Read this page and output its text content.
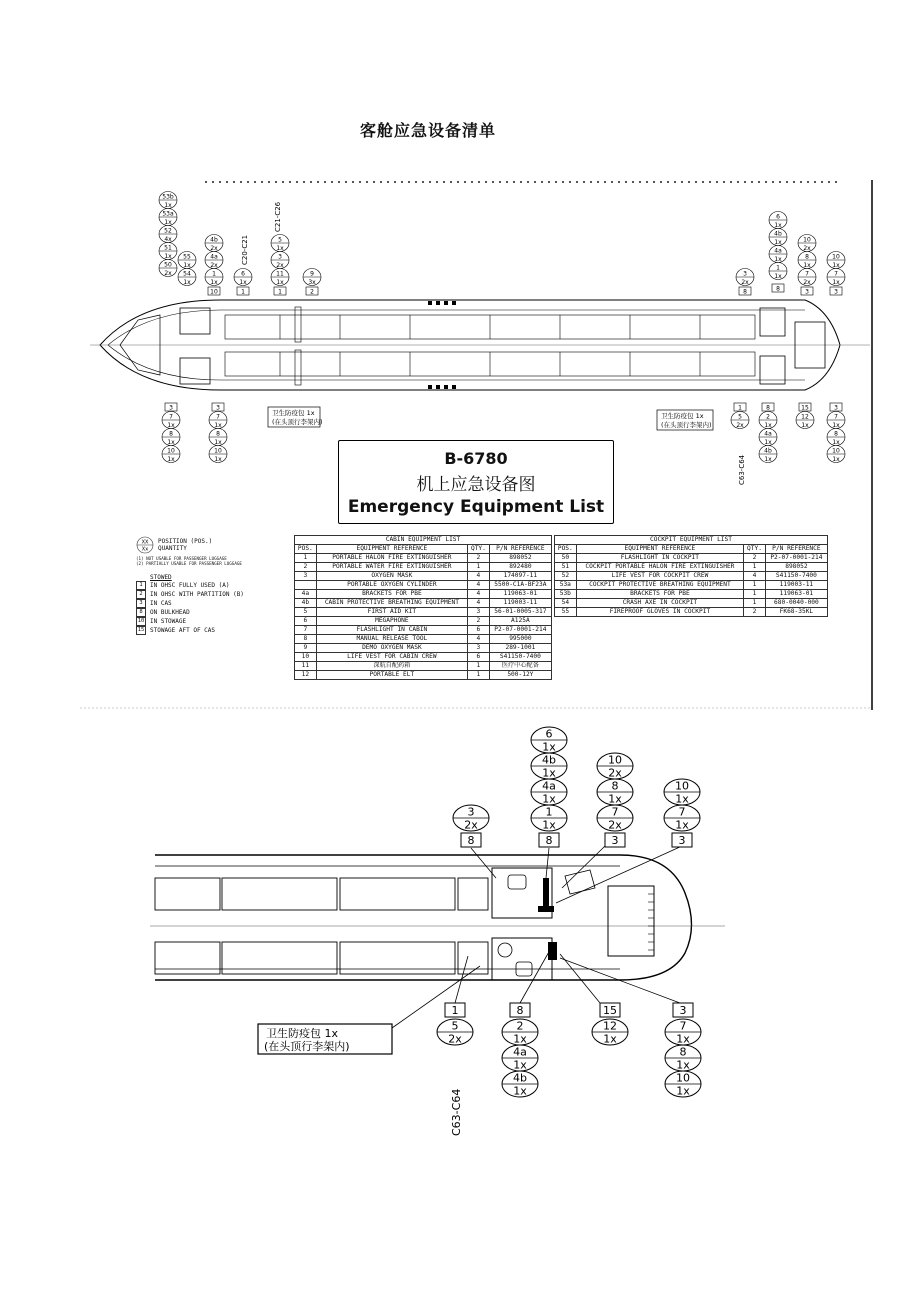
客舱应急设备清单
53b
1x
53a
1x
52
4x
51
1x
50
2x
55
1x
54
1x
4b
2x
4a
2x
1
1x
10
6
1x
1
5
1x
3
2x
11
1x
1
9
3x
2
3
7
1x
8
1x
10
1x
3
7
1x
8
1x
10
1x
6
1x
4b
1x
4a
1x
1
1x
8
3
2x
8
10
2x
8
1x
7
2x
3
10
1x
7
1x
3
1
5
2x
8
2
1x
4a
1x
4b
1x
15
12
1x
3
7
1x
8
1x
10
1x
C20-C21
C21-C26
C63-C64
卫生防疫包 1x
(在头顶行李架内)
卫生防疫包 1x
(在头顶行李架内)
B-6780
机上应急设备图
Emergency Equipment List
XX
Xx
POSITION (POS.)
QUANTITY
(1) NOT USABLE FOR PASSENGER LUGGAGE
(2) PARTIALLY USABLE FOR PASSENGER LUGGAGE
STOWED
1	IN OHSC FULLY USED (A)
2	IN OHSC WITH PARTITION (B)
3	IN CAS
8	ON BULKHEAD
10 IN STOWAGE
15 STOWAGE AFT OF CAS
CABIN EQUIPMENT LIST			
POS.	EQUIPMENT REFERENCE	QTY.	P/N REFERENCE
1	PORTABLE HALON FIRE EXTINGUISHER	2	898052
2	PORTABLE WATER FIRE EXTINGUISHER	1	892480
3	OXYGEN MASK	4	174097-11
	PORTABLE OXYGEN CYLINDER	4	5500-C1A-BF23A
4a	BRACKETS FOR PBE	4	119063-01
4b	CABIN PROTECTIVE BREATHING EQUIPMENT	4	119003-11
5	FIRST AID KIT	3	56-01-0005-317
6	MEGAPHONE	2	A125A
7	FLASHLIGHT IN CABIN	6	P2-07-0001-214
8	MANUAL RELEASE TOOL	4	995000
9	DEMO OXYGEN MASK	3	289-1001
10	LIFE VEST FOR CABIN CREW	6	S41150-7400
11	深航自配药箱	1	医疗中心配备
12	PORTABLE ELT	1	500-12Y
COCKPIT EQUIPMENT LIST			
POS.	EQUIPMENT REFERENCE	QTY.	P/N REFERENCE
50	FLASHLIGHT IN COCKPIT	2	P2-07-0001-214
51	COCKPIT PORTABLE HALON FIRE EXTINGUISHER	1	898052
52	LIFE VEST FOR COCKPIT CREW	4	S41150-7400
53a	COCKPIT PROTECTIVE BREATHING EQUIPMENT	1	119003-11
53b	BRACKETS FOR PBE	1	119063-01
54	CRASH AXE IN COCKPIT	1	680-0040-000
55	FIREPROOF GLOVES IN COCKPIT	2	FK68-35KL
3
2x
8
6
1x
4b
1x
4a
1x
1
1x
8
10
2x
8
1x
7
2x
3
10
1x
7
1x
3
1
5
2x
8
2
1x
4a
1x
4b
1x
15
12
1x
3
7
1x
8
1x
10
1x
卫生防疫包 1x
(在头顶行李架内)
C63-C64
